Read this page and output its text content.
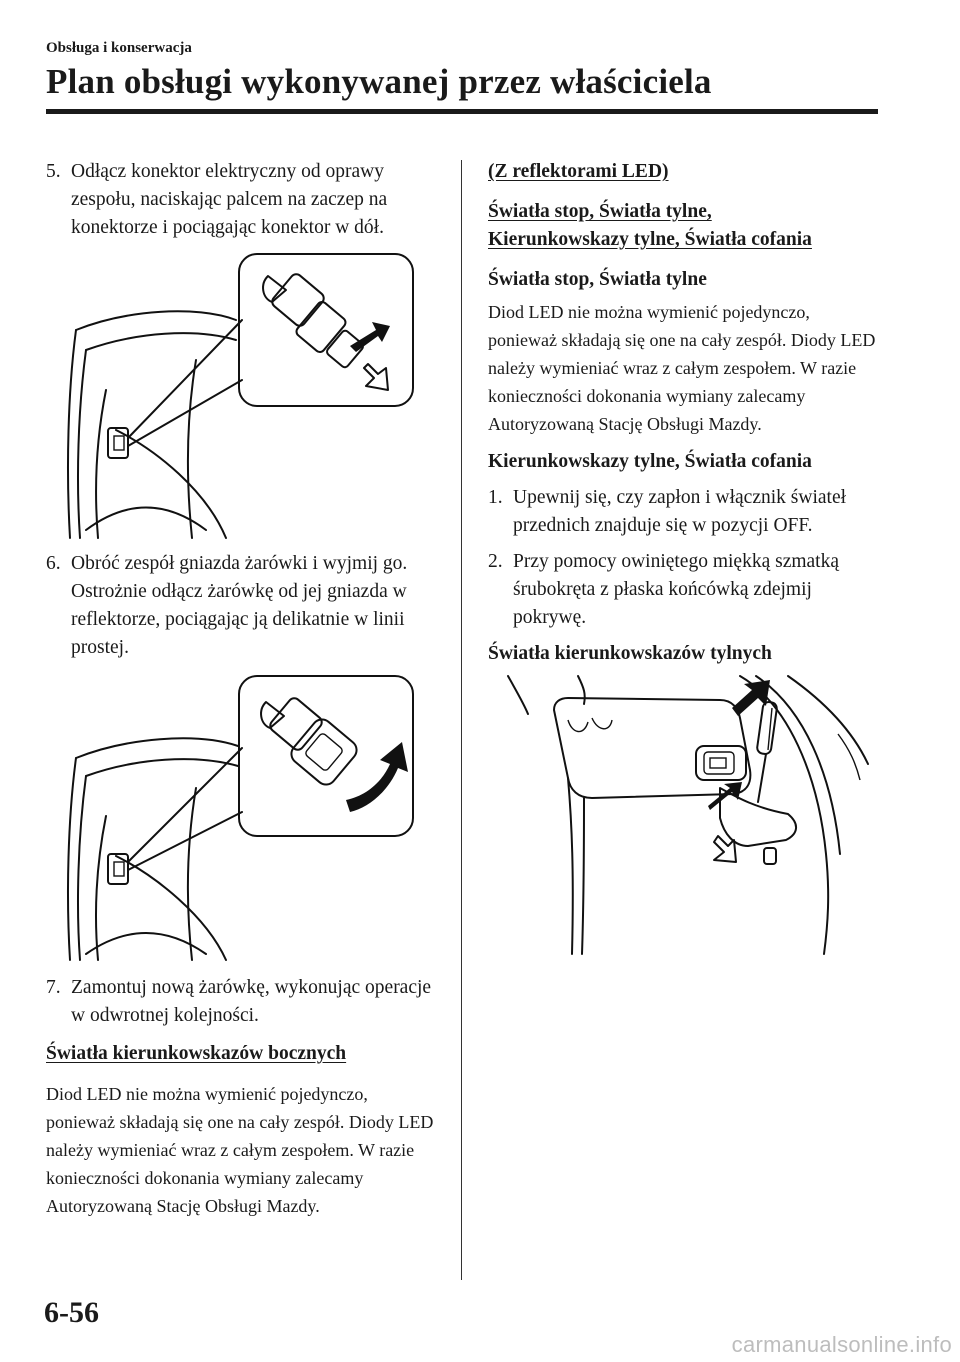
Obsługa i konserwacja
Plan obsługi wykonywanej przez właściciela
5. Odłącz konektor elektryczny od oprawy zespołu, naciskając palcem na zaczep na konektorze i pociągając konektor w dół.
6. Obróć zespół gniazda żarówki i wyjmij go. Ostrożnie odłącz żarówkę od jej gniazda w reflektorze, pociągając ją delikatnie w linii prostej.
7. Zamontuj nową żarówkę, wykonując operacje w odwrotnej kolejności.
Światła kierunkowskazów bocznych
Diod LED nie można wymienić pojedynczo, ponieważ składają się one na cały zespół. Diody LED należy wymieniać wraz z całym zespołem. W razie konieczności dokonania wymiany zalecamy Autoryzowaną Stację Obsługi Mazdy.
(Z reflektorami LED)
Światła stop, Światła tylne,
Kierunkowskazy tylne, Światła cofania
Światła stop, Światła tylne
Diod LED nie można wymienić pojedynczo, ponieważ składają się one na cały zespół. Diody LED należy wymieniać wraz z całym zespołem. W razie konieczności dokonania wymiany zalecamy Autoryzowaną Stację Obsługi Mazdy.
Kierunkowskazy tylne, Światła cofania
1. Upewnij się, czy zapłon i włącznik świateł przednich znajduje się w pozycji OFF.
2. Przy pomocy owiniętego miękką szmatką śrubokręta z płaska końcówką zdejmij pokrywę.
Światła kierunkowskazów tylnych
6-56
carmanualsonline.info
